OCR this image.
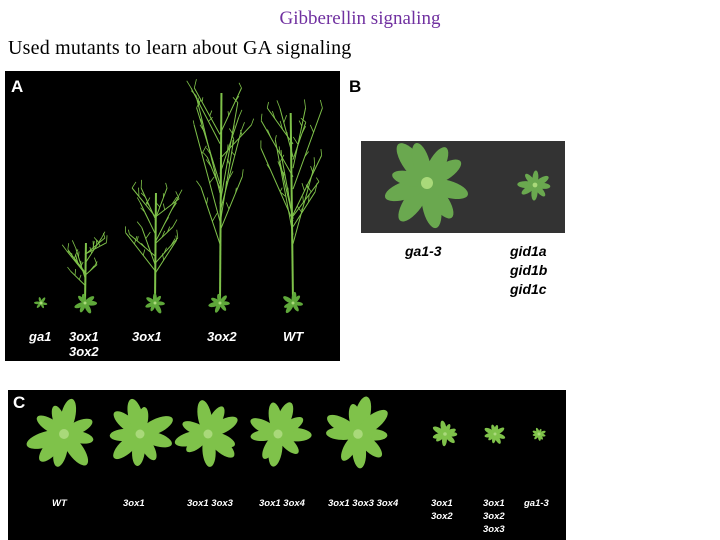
Gibberellin signaling
Used mutants to learn about GA signaling
A
ga1 3ox1
3ox2
3ox1	3ox2	WT

B
ga1-3	gid1a
gid1b
gid1c
C
WT	3ox1	3ox1 3ox3	3ox1 3ox4 3ox1 3ox3 3ox4	3ox1
3ox2
3ox1
3ox2
3ox3
ga1-3
